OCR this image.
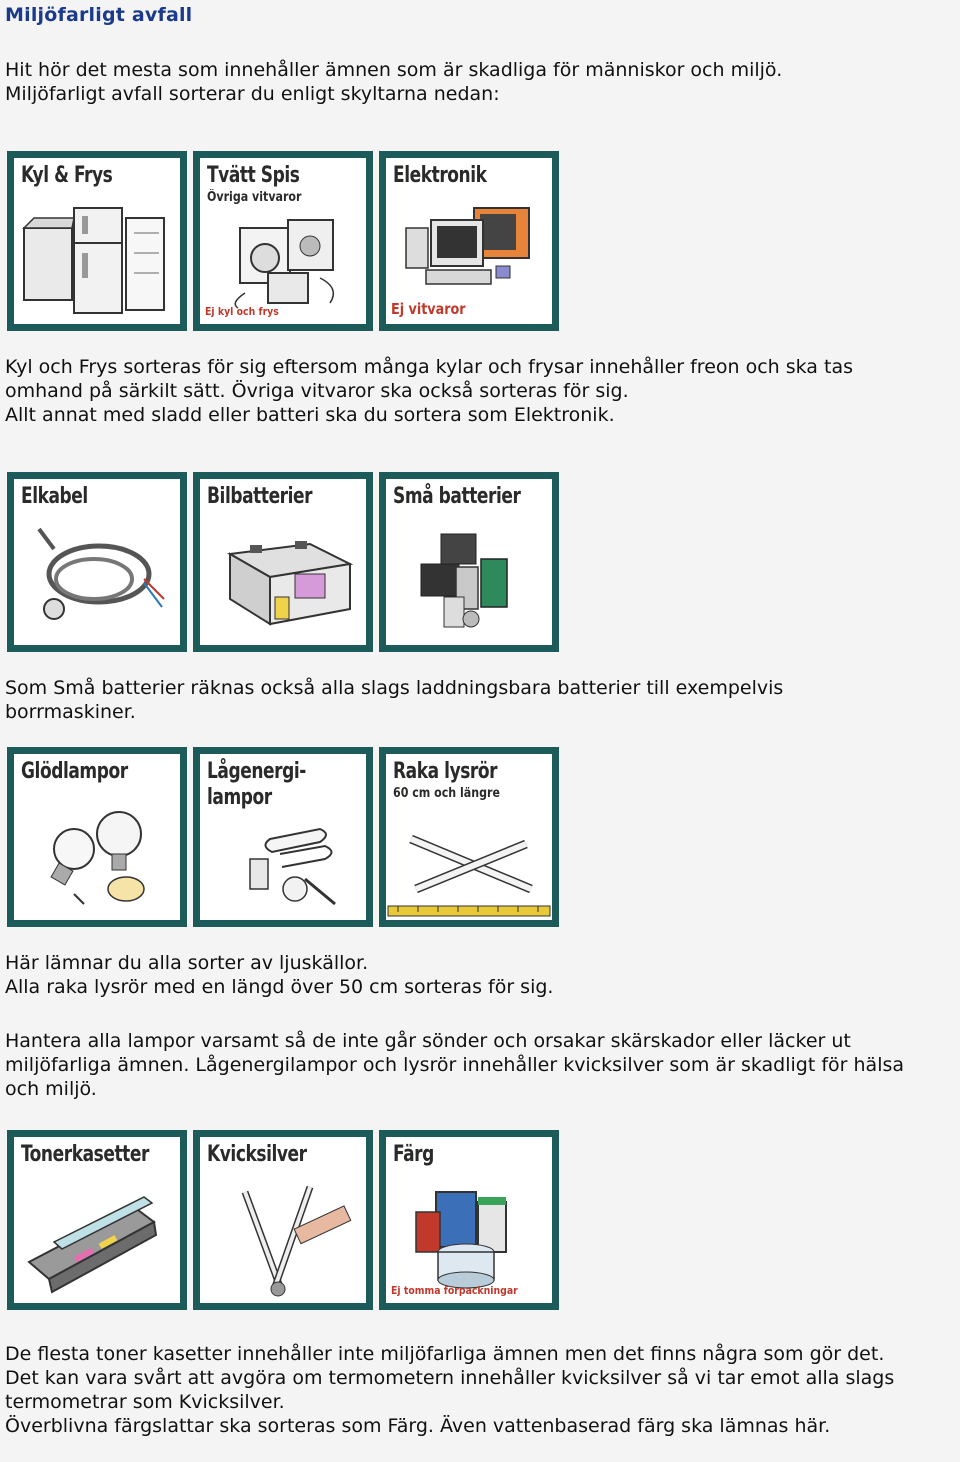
Miljöfarligt avfall
Hit hör det mesta som innehåller ämnen som är skadliga för människor och miljö.
Miljöfarligt avfall sorterar du enligt skyltarna nedan:
Kyl & Frys	Tvätt Spis
Övriga vitvaror
Ej kyl och frys
Elektronik
Ej vitvaror
Kyl och Frys sorteras för sig eftersom många kylar och frysar innehåller freon och ska tas
omhand på särkilt sätt. Övriga vitvaror ska också sorteras för sig.
Allt annat med sladd eller batteri ska du sortera som Elektronik.
Elkabel	Bilbatterier	Små batterier
Som Små batterier räknas också alla slags laddningsbara batterier till exempelvis
borrmaskiner.
Glödlampor	Lågenergi-
lampor
Raka lysrör
60 cm och längre
Här lämnar du alla sorter av ljuskällor.
Alla raka lysrör med en längd över 50 cm sorteras för sig.
Hantera alla lampor varsamt så de inte går sönder och orsakar skärskador eller läcker ut
miljöfarliga ämnen. Lågenergilampor och lysrör innehåller kvicksilver som är skadligt för hälsa
och miljö.
Tonerkasetter	Kvicksilver	Färg
Ej tomma förpackningar
De flesta toner kasetter innehåller inte miljöfarliga ämnen men det finns några som gör det.
Det kan vara svårt att avgöra om termometern innehåller kvicksilver så vi tar emot alla slags
termometrar som Kvicksilver.
Överblivna färgslattar ska sorteras som Färg. Även vattenbaserad färg ska lämnas här.
